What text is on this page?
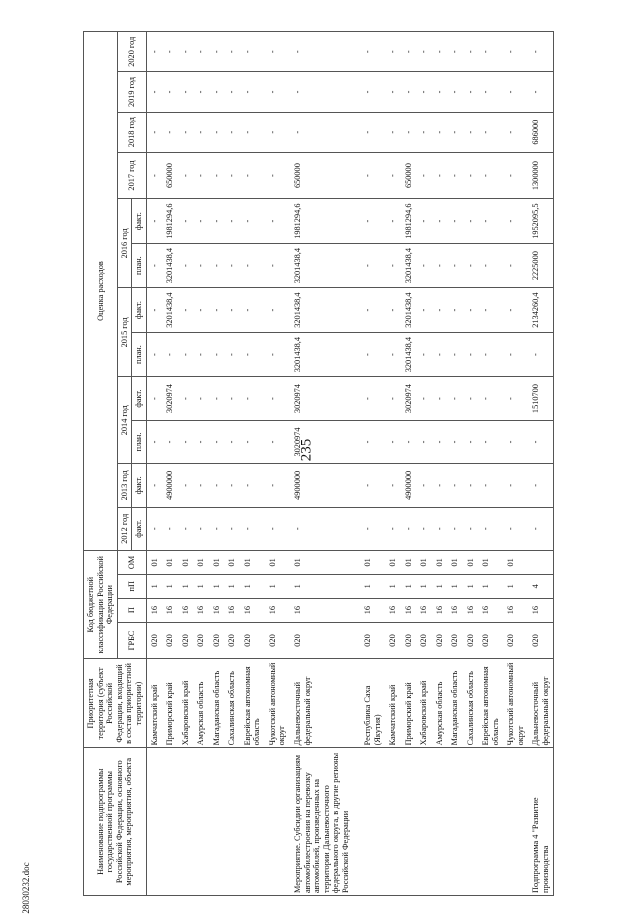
235
Наименование подпрограммы государственной программы Российской Федерации, основного мероприятия, мероприятия, объекта	Приоритетная территория (субъект Российской Федерации, входящий в состав приоритетной территории)	Код бюджетной классификации Российской Федерации				Оценка расходов											
		ГРБС	П	пП	ОМ	2012 год	2013 год	2014 год		2015 год		2016 год		2017 год	2018 год	2019 год	2020 год
						факт.	факт.	план.	факт.	план.	факт.	план.	факт.				
	Камчатский край	020	16	1	01	-	-	-	-	-	-	-	-	-	-	-	-
	Приморский край	020	16	1	01	-	4900000	-	3020974	-	3201438,4	3201438,4	1981294,6	650000	-	-	-
	Хабаровский край	020	16	1	01	-	-	-	-	-	-	-	-	-	-	-	-
	Амурская область	020	16	1	01	-	-	-	-	-	-	-	-	-	-	-	-
	Магаданская область	020	16	1	01	-	-	-	-	-	-	-	-	-	-	-	-
	Сахалинская область	020	16	1	01	-	-	-	-	-	-	-	-	-	-	-	-
	Еврейская автономная область	020	16	1	01	-	-	-	-	-	-	-	-	-	-	-	-
	Чукотский автономный округ	020	16	1	01	-	-	-	-	-	-	-	-	-	-	-	-
Мероприятие. Субсидии организациям автомобилестроения на перевозку автомобилей, произведенных на территории Дальневосточного федерального округа, в другие регионы Российской Федерации	Дальневосточный федеральный округ	020	16	1	01	-	4900000	3020974	3020974	3201438,4	3201438,4	3201438,4	1981294,6	650000	-	-	-
	Республика Саха (Якутия)	020	16	1	01	-	-	-	-	-	-	-	-	-	-	-	-
	Камчатский край	020	16	1	01	-	-	-	-	-	-	-	-	-	-	-	-
	Приморский край	020	16	1	01	-	4900000	-	3020974	3201438,4	3201438,4	3201438,4	1981294,6	650000	-	-	-
	Хабаровский край	020	16	1	01	-	-	-	-	-	-	-	-	-	-	-	-
	Амурская область	020	16	1	01	-	-	-	-	-	-	-	-	-	-	-	-
	Магаданская область	020	16	1	01	-	-	-	-	-	-	-	-	-	-	-	-
	Сахалинская область	020	16	1	01	-	-	-	-	-	-	-	-	-	-	-	-
	Еврейская автономная область	020	16	1	01	-	-	-	-	-	-	-	-	-	-	-	-
	Чукотский автономный округ	020	16	1	01	-	-	-	-	-	-	-	-	-	-	-	-
Подпрограмма 4 "Развитие производства	Дальневосточный федеральный округ	020	16	4		-	-	-	1510700	-	2134260,4	2225000	1952095,5	1300000	686000	-	-
28030232.doc
